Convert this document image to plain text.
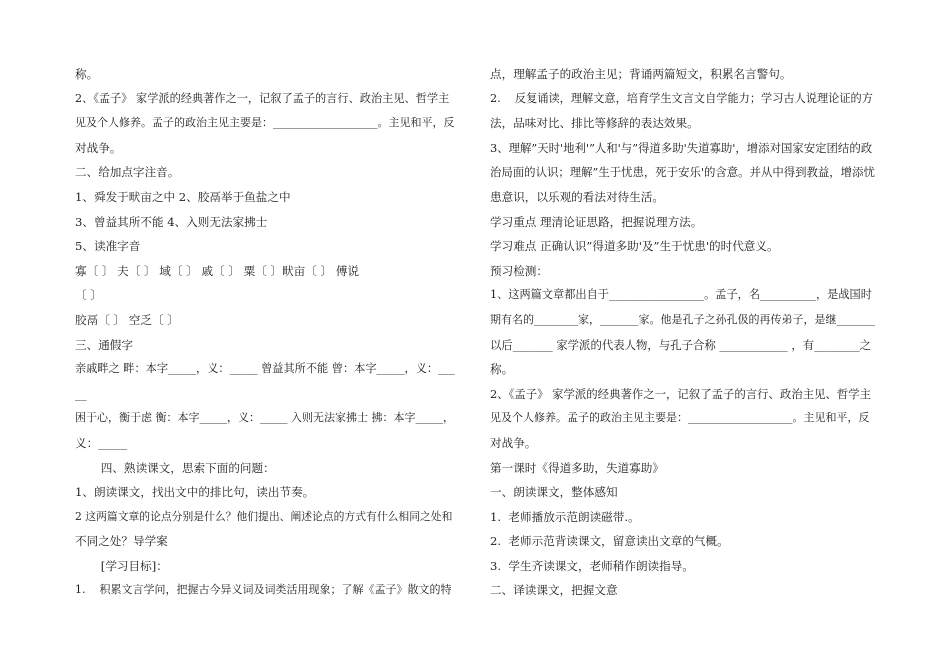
称。

2、《孟子》 家学派的经典著作之一，记叙了孟子的言行、政治主见、哲学主

见及个人修养。孟子的政治主见主要是：___________________。主见和平，反

对战争。

二、给加点字注音。

1、舜发于畎亩之中 2、胶鬲举于鱼盐之中

3、曾益其所不能 4、入则无法家拂士

5、读准字音

寡〔 〕 夫〔 〕 域〔 〕 戚〔 〕 粟〔 〕畎亩〔 〕 傅说

〔 〕

胶鬲〔 〕 空乏〔 〕

三、通假字

亲戚畔之 畔：本字_____，义：_____ 曾益其所不能 曾：本字_____，义：___

__

困于心，衡于虑 衡：本字_____，义：_____ 入则无法家拂士 拂：本字_____，

义：_____

四、熟读课文，思索下面的问题：

1、朗读课文，找出文中的排比句，读出节奏。

2 这两篇文章的论点分别是什么？他们提出、阐述论点的方式有什么相同之处和

不同之处？导学案

[学习目标]：

1.    积累文言学问，把握古今异义词及词类活用现象；了解《孟子》散文的特

点，理解孟子的政治主见；背诵两篇短文，积累名言警句。

2.    反复诵读，理解文意，培育学生文言文自学能力；学习古人说理论证的方

法，品味对比、排比等修辞的表达效果。

3、理解”天时'地利'”人和'与”得道多助'失道寡助'，增添对国家安定团结的政

治局面的认识；理解”生于忧患，死于安乐'的含意。并从中得到教益，增添忧

患意识，以乐观的看法对待生活。

学习重点 理清论证思路，把握说理方法。

学习难点 正确认识”得道多助'及”生于忧患'的时代意义。

预习检测：

1、这两篇文章都出自于_________________。孟子，名__________，是战国时

期有名的________家，_______家。他是孔子之孙孔伋的再传弟子，是继_______

以后_______ 家学派的代表人物，与孔子合称 ____________ ，有________之

称。

2、《孟子》 家学派的经典著作之一，记叙了孟子的言行、政治主见、哲学主

见及个人修养。孟子的政治主见主要是：___________________。主见和平，反

对战争。

第一课时《得道多助，失道寡助》

一、朗读课文，整体感知

1.  老师播放示范朗读磁带.。

2.  老师示范背读课文，留意读出文章的气概。

3.  学生齐读课文，老师稍作朗读指导。

二、译读课文，把握文意
